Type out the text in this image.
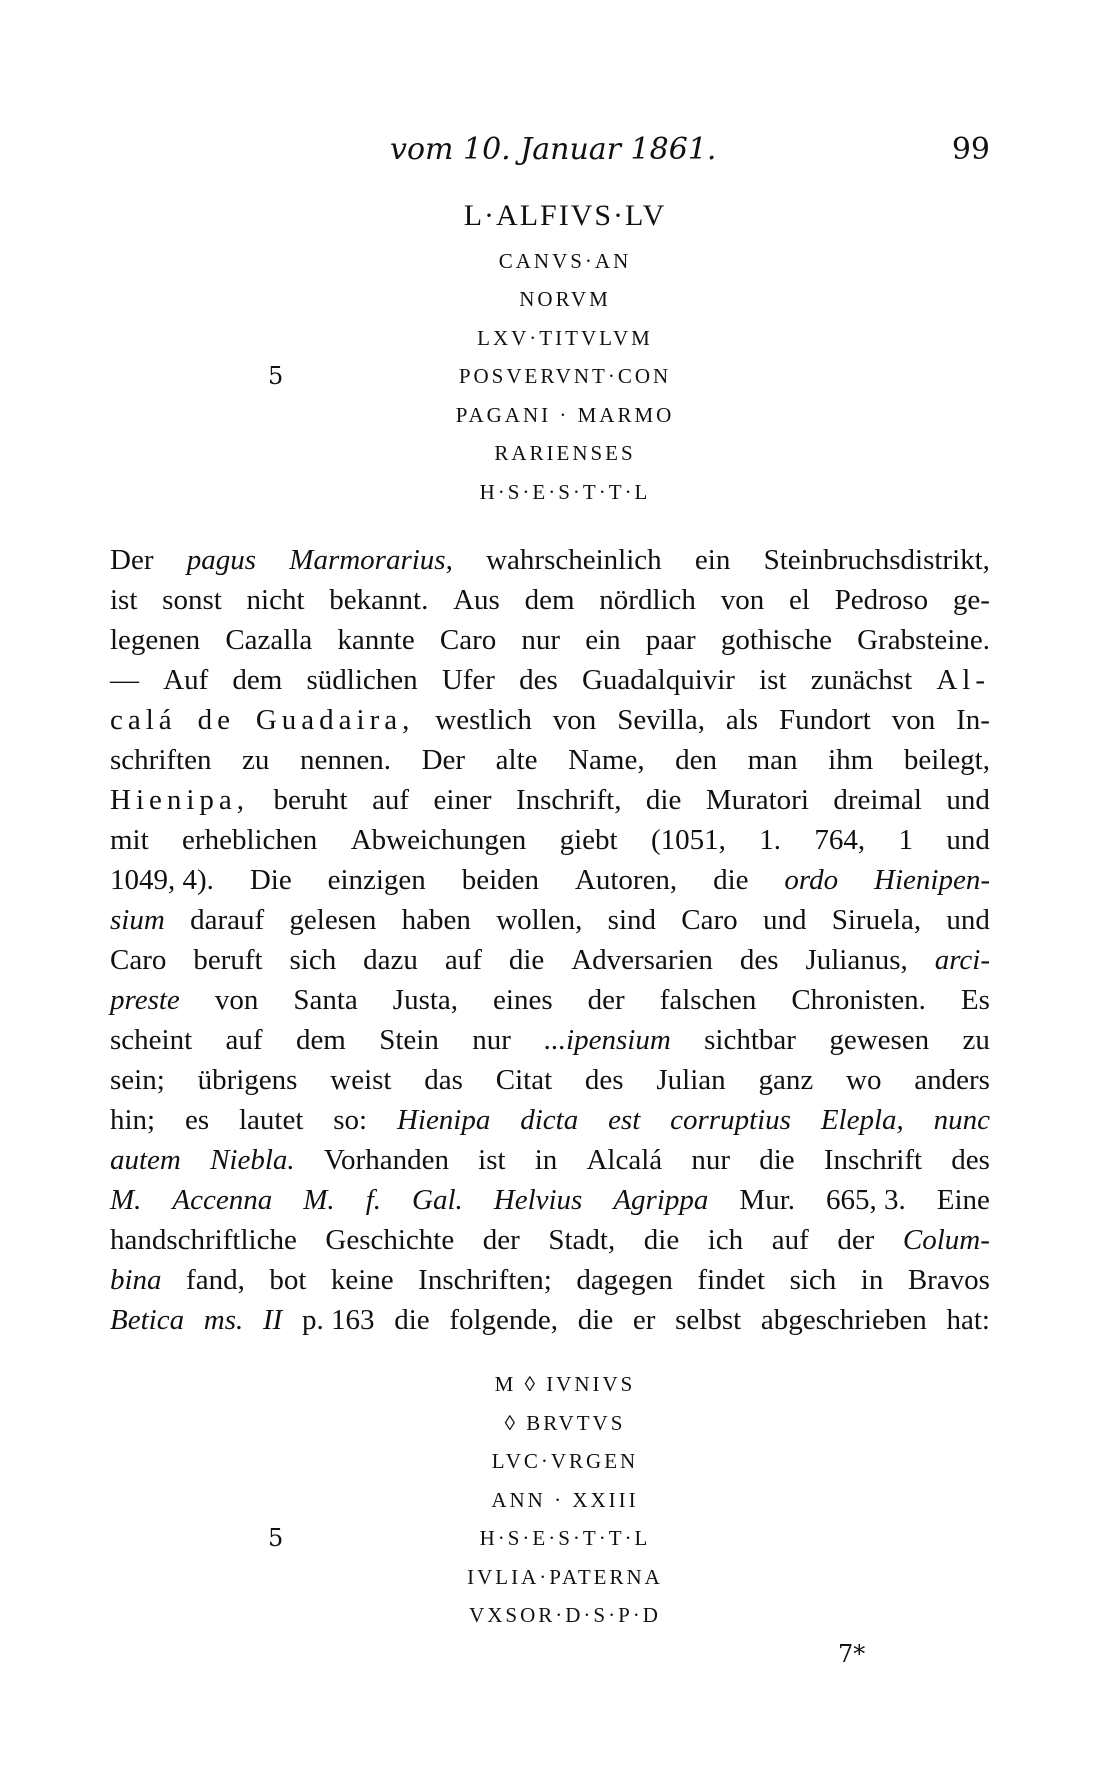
vom 10. Januar 1861.	99
L·ALFIVS·LV
CANVS·AN
NORVM
LXV·TITVLVM
POSVERVNT·CON
PAGANI · MARMO
RARIENSES
H·S·E·S·T·T·L
5
M ◊ IVNIVS
◊ BRVTVS
LVC·VRGEN
ANN · XXIII
H·S·E·S·T·T·L
IVLIA·PATERNA
VXSOR·D·S·P·D
5
Der pagus Marmorarius, wahrscheinlich ein Steinbruchsdistrikt,
ist sonst nicht bekannt. Aus dem nördlich von el Pedroso ge-
legenen Cazalla kannte Caro nur ein paar gothische Grabsteine.
— Auf dem südlichen Ufer des Guadalquivir ist zunächst Al-
calá de Guadaira, westlich von Sevilla, als Fundort von In-
schriften zu nennen. Der alte Name, den man ihm beilegt,
Hienipa, beruht auf einer Inschrift, die Muratori dreimal und
mit erheblichen Abweichungen giebt (1051, 1. 764, 1 und
1049, 4). Die einzigen beiden Autoren, die ordo Hienipen-
sium darauf gelesen haben wollen, sind Caro und Siruela, und
Caro beruft sich dazu auf die Adversarien des Julianus, arci-
preste von Santa Justa, eines der falschen Chronisten. Es
scheint auf dem Stein nur ...ipensium sichtbar gewesen zu
sein; übrigens weist das Citat des Julian ganz wo anders
hin; es lautet so: Hienipa dicta est corruptius Elepla, nunc
autem Niebla. Vorhanden ist in Alcalá nur die Inschrift des
M. Accenna M. f. Gal. Helvius Agrippa Mur. 665, 3. Eine
handschriftliche Geschichte der Stadt, die ich auf der Colum-
bina fand, bot keine Inschriften; dagegen findet sich in Bravos
Betica ms. II p. 163 die folgende, die er selbst abgeschrieben hat:
7*
